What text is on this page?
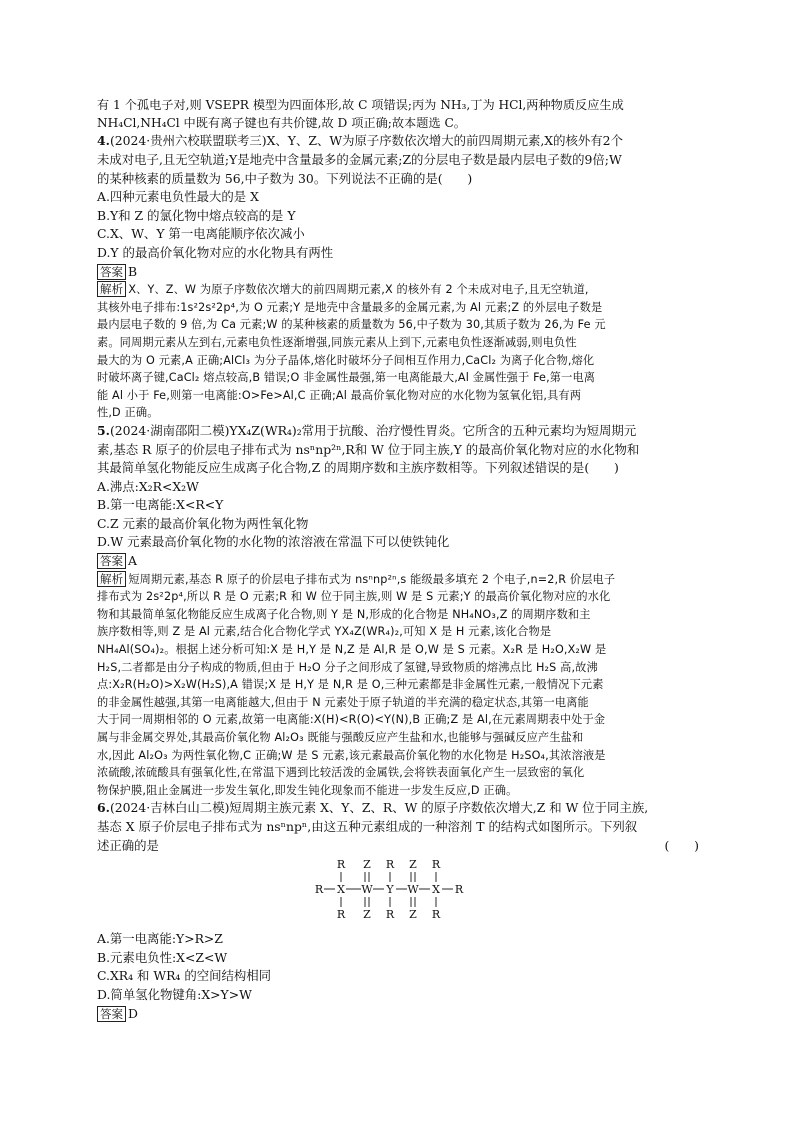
有 1 个孤电子对,则 VSEPR 模型为四面体形,故 C 项错误;丙为 NH₃,丁为 HCl,两种物质反应生成

NH₄Cl,NH₄Cl 中既有离子键也有共价键,故 D 项正确;故本题选 C。

4.(2024·贵州六校联盟联考三)X、Y、Z、W为原子序数依次增大的前四周期元素,X的核外有2个

未成对电子,且无空轨道;Y是地壳中含量最多的金属元素;Z的分层电子数是最内层电子数的9倍;W

的某种核素的质量数为 56,中子数为 30。下列说法不正确的是(　　)

A.四种元素电负性最大的是 X

B.Y和 Z 的氯化物中熔点较高的是 Y

C.X、W、Y 第一电离能顺序依次减小

D.Y 的最高价氧化物对应的水化物具有两性

答案 B

解析 X、Y、Z、W 为原子序数依次增大的前四周期元素,X 的核外有 2 个未成对电子,且无空轨道,

其核外电子排布:1s²2s²2p⁴,为 O 元素;Y 是地壳中含量最多的金属元素,为 Al 元素;Z 的外层电子数是

最内层电子数的 9 倍,为 Ca 元素;W 的某种核素的质量数为 56,中子数为 30,其质子数为 26,为 Fe 元

素。同周期元素从左到右,元素电负性逐渐增强,同族元素从上到下,元素电负性逐渐减弱,则电负性

最大的为 O 元素,A 正确;AlCl₃ 为分子晶体,熔化时破坏分子间相互作用力,CaCl₂ 为离子化合物,熔化

时破坏离子键,CaCl₂ 熔点较高,B 错误;O 非金属性最强,第一电离能最大,Al 金属性强于 Fe,第一电离

能 Al 小于 Fe,则第一电离能:O>Fe>Al,C 正确;Al 最高价氧化物对应的水化物为氢氧化铝,具有两

性,D 正确。

5.(2024·湖南邵阳二模)YX₄Z(WR₄)₂常用于抗酸、治疗慢性胃炎。它所含的五种元素均为短周期元

素,基态 R 原子的价层电子排布式为 nsⁿnp²ⁿ,R和 W 位于同主族,Y 的最高价氧化物对应的水化物和

其最简单氢化物能反应生成离子化合物,Z 的周期序数和主族序数相等。下列叙述错误的是(　　)

A.沸点:X₂R<X₂W

B.第一电离能:X<R<Y

C.Z 元素的最高价氧化物为两性氧化物

D.W 元素最高价氧化物的水化物的浓溶液在常温下可以使铁钝化

答案 A

解析 短周期元素,基态 R 原子的价层电子排布式为 nsⁿnp²ⁿ,s 能级最多填充 2 个电子,n=2,R 价层电子

排布式为 2s²2p⁴,所以 R 是 O 元素;R 和 W 位于同主族,则 W 是 S 元素;Y 的最高价氧化物对应的水化

物和其最简单氢化物能反应生成离子化合物,则 Y 是 N,形成的化合物是 NH₄NO₃,Z 的周期序数和主

族序数相等,则 Z 是 Al 元素,结合化合物化学式 YX₄Z(WR₄)₂,可知 X 是 H 元素,该化合物是

NH₄Al(SO₄)₂。根据上述分析可知:X 是 H,Y 是 N,Z 是 Al,R 是 O,W 是 S 元素。X₂R 是 H₂O,X₂W 是

H₂S,二者都是由分子构成的物质,但由于 H₂O 分子之间形成了氢键,导致物质的熔沸点比 H₂S 高,故沸

点:X₂R(H₂O)>X₂W(H₂S),A 错误;X 是 H,Y 是 N,R 是 O,三种元素都是非金属性元素,一般情况下元素

的非金属性越强,其第一电离能越大,但由于 N 元素处于原子轨道的半充满的稳定状态,其第一电离能

大于同一周期相邻的 O 元素,故第一电离能:X(H)<R(O)<Y(N),B 正确;Z 是 Al,在元素周期表中处于金

属与非金属交界处,其最高价氧化物 Al₂O₃ 既能与强酸反应产生盐和水,也能够与强碱反应产生盐和

水,因此 Al₂O₃ 为两性氧化物,C 正确;W 是 S 元素,该元素最高价氧化物的水化物是 H₂SO₄,其浓溶液是

浓硫酸,浓硫酸具有强氧化性,在常温下遇到比较活泼的金属铁,会将铁表面氧化产生一层致密的氧化

物保护膜,阻止金属进一步发生氧化,即发生钝化现象而不能进一步发生反应,D 正确。

6.(2024·吉林白山二模)短周期主族元素 X、Y、Z、R、W 的原子序数依次增大,Z 和 W 位于同主族,

基态 X 原子价层电子排布式为 nsⁿnpⁿ,由这五种元素组成的一种溶剂 T 的结构式如图所示。下列叙

述正确的是	(　　)

R Z R Z R
R X W Y W X R
R Z R Z R

A.第一电离能:Y>R>Z

B.元素电负性:X<Z<W

C.XR₄ 和 WR₄ 的空间结构相同

D.简单氢化物键角:X>Y>W

答案 D
